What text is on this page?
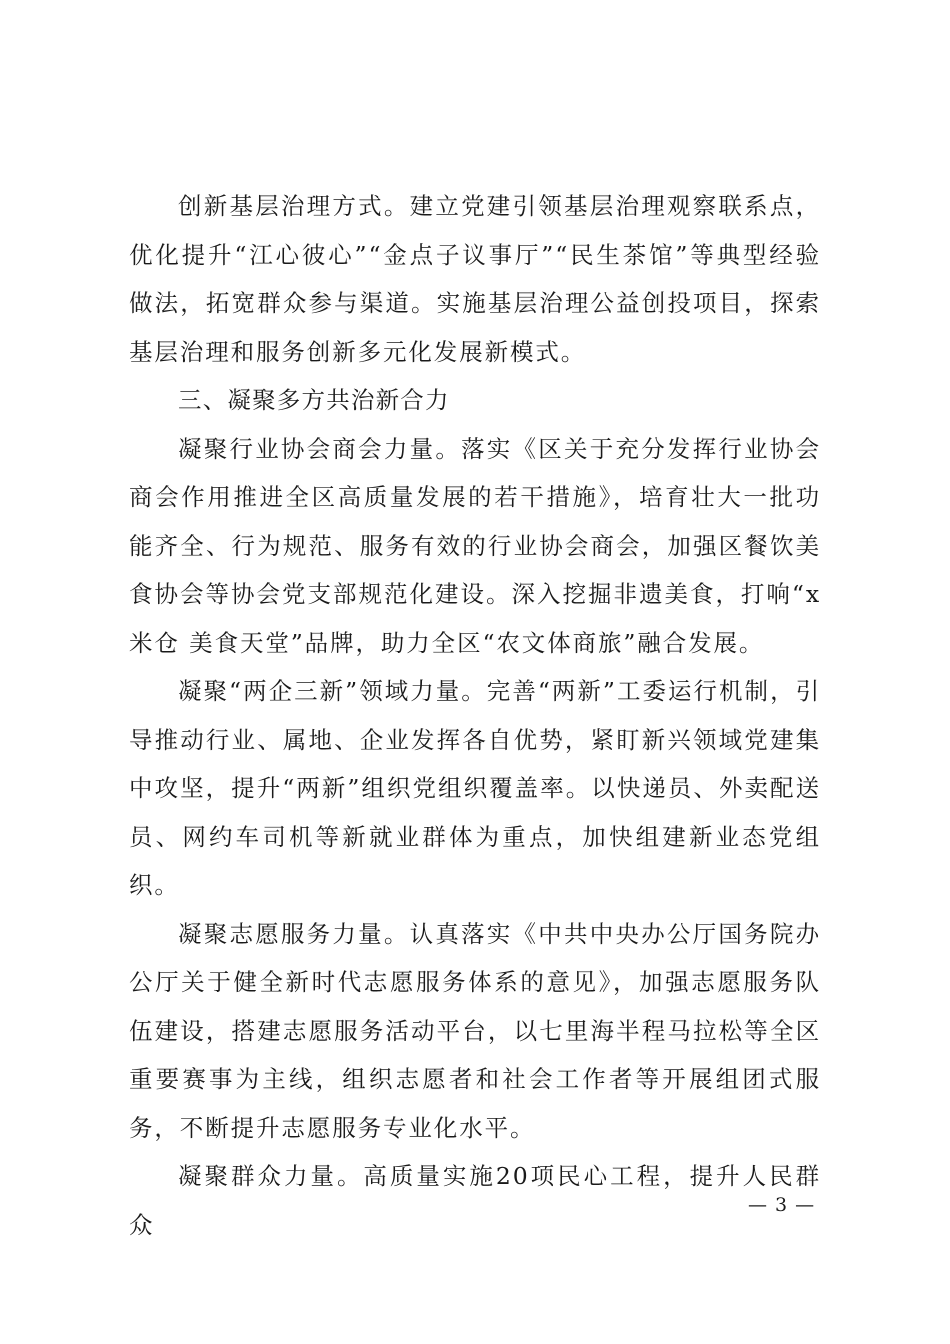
创新基层治理方式。建立党建引领基层治理观察联系点，优化提升“江心彼心”“金点子议事厅”“民生茶馆”等典型经验做法，拓宽群众参与渠道。实施基层治理公益创投项目，探索基层治理和服务创新多元化发展新模式。

三、凝聚多方共治新合力

凝聚行业协会商会力量。落实《区关于充分发挥行业协会商会作用推进全区高质量发展的若干措施》，培育壮大一批功能齐全、行为规范、服务有效的行业协会商会，加强区餐饮美食协会等协会党支部规范化建设。深入挖掘非遗美食，打响“x米仓 美食天堂”品牌，助力全区“农文体商旅”融合发展。

凝聚“两企三新”领域力量。完善“两新”工委运行机制，引导推动行业、属地、企业发挥各自优势，紧盯新兴领域党建集中攻坚，提升“两新”组织党组织覆盖率。以快递员、外卖配送员、网约车司机等新就业群体为重点，加快组建新业态党组织。

凝聚志愿服务力量。认真落实《中共中央办公厅国务院办公厅关于健全新时代志愿服务体系的意见》，加强志愿服务队伍建设，搭建志愿服务活动平台，以七里海半程马拉松等全区重要赛事为主线，组织志愿者和社会工作者等开展组团式服务，不断提升志愿服务专业化水平。

凝聚群众力量。高质量实施20项民心工程，提升人民群众

— 3 —
